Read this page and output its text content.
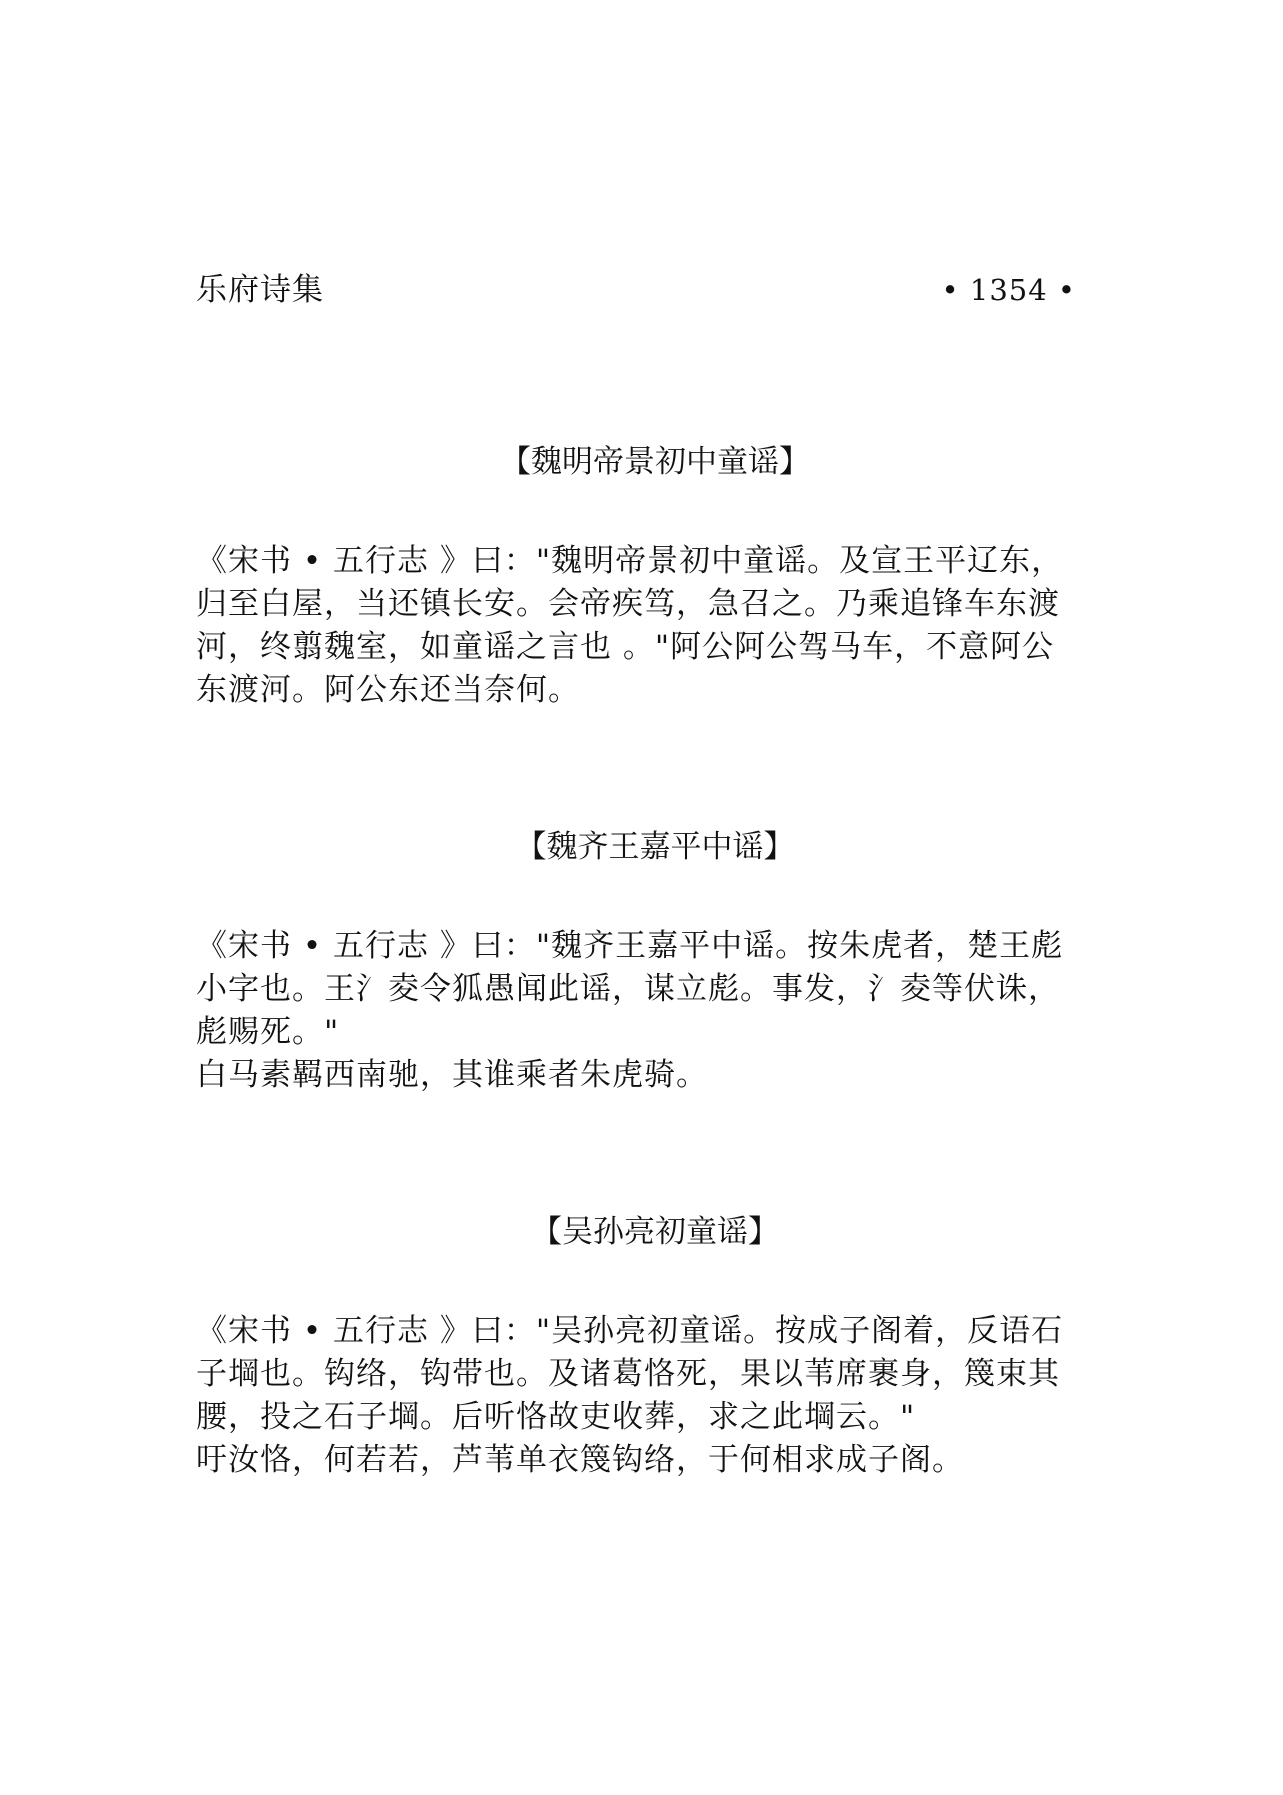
乐府诗集	• 1354 •
【魏明帝景初中童谣】

《宋书 • 五行志 》曰："魏明帝景初中童谣。及宣王平辽东，归至白屋，当还镇长安。会帝疾笃，急召之。乃乘追锋车东渡河，终翦魏室，如童谣之言也 。"阿公阿公驾马车，不意阿公东渡河。阿公东还当奈何。

【魏齐王嘉平中谣】

《宋书 • 五行志 》曰："魏齐王嘉平中谣。按朱虎者，楚王彪小字也。王氵夌令狐愚闻此谣，谋立彪。事发，氵夌等伏诛，彪赐死。"

白马素羁西南驰，其谁乘者朱虎骑。

【吴孙亮初童谣】

《宋书 • 五行志 》曰："吴孙亮初童谣。按成子阁着，反语石子堈也。钩络，钩带也。及诸葛恪死，果以苇席裹身，篾束其腰，投之石子堈。后听恪故吏收葬，求之此堈云。"

吁汝恪，何若若，芦苇单衣篾钩络，于何相求成子阁。
